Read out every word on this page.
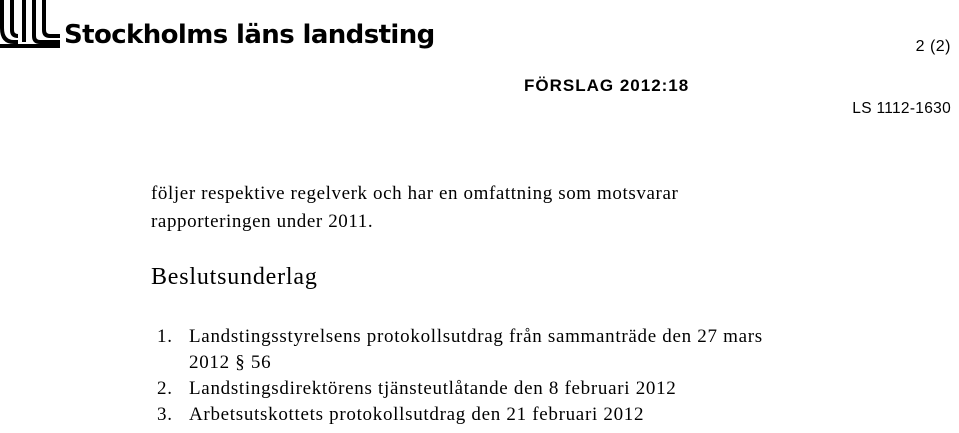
Stockholms läns landsting	2 (2)
FÖRSLAG 2012:18
LS 1112-1630

följer respektive regelverk och har en omfattning som motsvarar
rapporteringen under 2011.

Beslutsunderlag
1. Landstingsstyrelsens protokollsutdrag från sammanträde den 27 mars
2012 § 56
2. Landstingsdirektörens tjänsteutlåtande den 8 februari 2012
3. Arbetsutskottets protokollsutdrag den 21 februari 2012
